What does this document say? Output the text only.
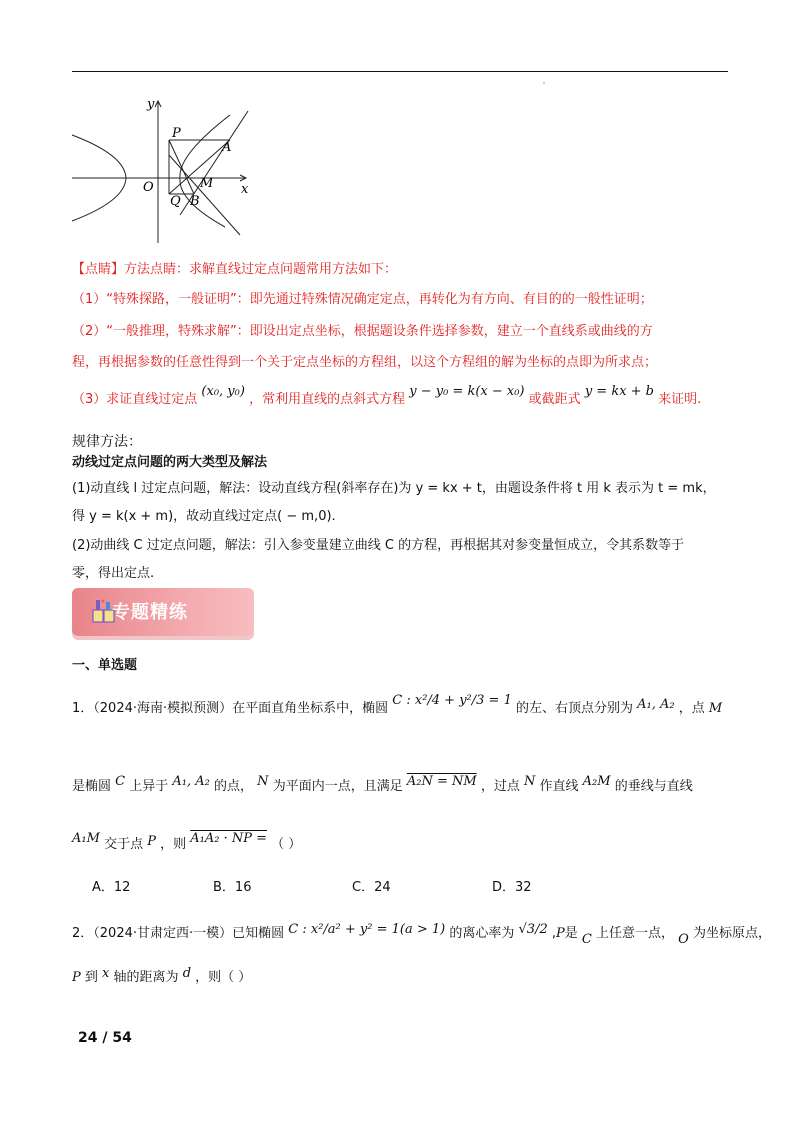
y
x
O
P
A
M
Q B
【点睛】方法点睛：求解直线过定点问题常用方法如下：
（1）“特殊探路，一般证明”：即先通过特殊情况确定定点，再转化为有方向、有目的的一般性证明；
（2）“一般推理，特殊求解”：即设出定点坐标，根据题设条件选择参数，建立一个直线系或曲线的方
程，再根据参数的任意性得到一个关于定点坐标的方程组，以这个方程组的解为坐标的点即为所求点；
（3）求证直线过定点 (x₀, y₀) ，常利用直线的点斜式方程 y − y₀ = k(x − x₀) 或截距式 y = kx + b 来证明.
规律方法：
动线过定点问题的两大类型及解法
(1)动直线 l 过定点问题，解法：设动直线方程(斜率存在)为 y = kx + t，由题设条件将 t 用 k 表示为 t = mk，
得 y = k(x + m)，故动直线过定点( − m,0).
(2)动曲线 C 过定点问题，解法：引入参变量建立曲线 C 的方程，再根据其对参变量恒成立，令其系数等于
零，得出定点.
专题精练
一、单选题
1．（2024·海南·模拟预测）在平面直角坐标系中，椭圆 C : x²/4 + y²/3 = 1 的左、右顶点分别为 A₁, A₂ ，点 M
是椭圆 C 上异于 A₁, A₂ 的点， N 为平面内一点，且满足 A₂N = NM ，过点 N 作直线 A₂M 的垂线与直线
A₁M 交于点 P ，则 A₁A₂ · NP = （ ）
A．12	B．16	C．24	D．32
2．（2024·甘肃定西·一模）已知椭圆 C : x²/a² + y² = 1(a > 1) 的离心率为 √3/2 ,P是 C 上任意一点， O 为坐标原点，
P 到 x 轴的距离为 d ，则（ ）
24 / 54
